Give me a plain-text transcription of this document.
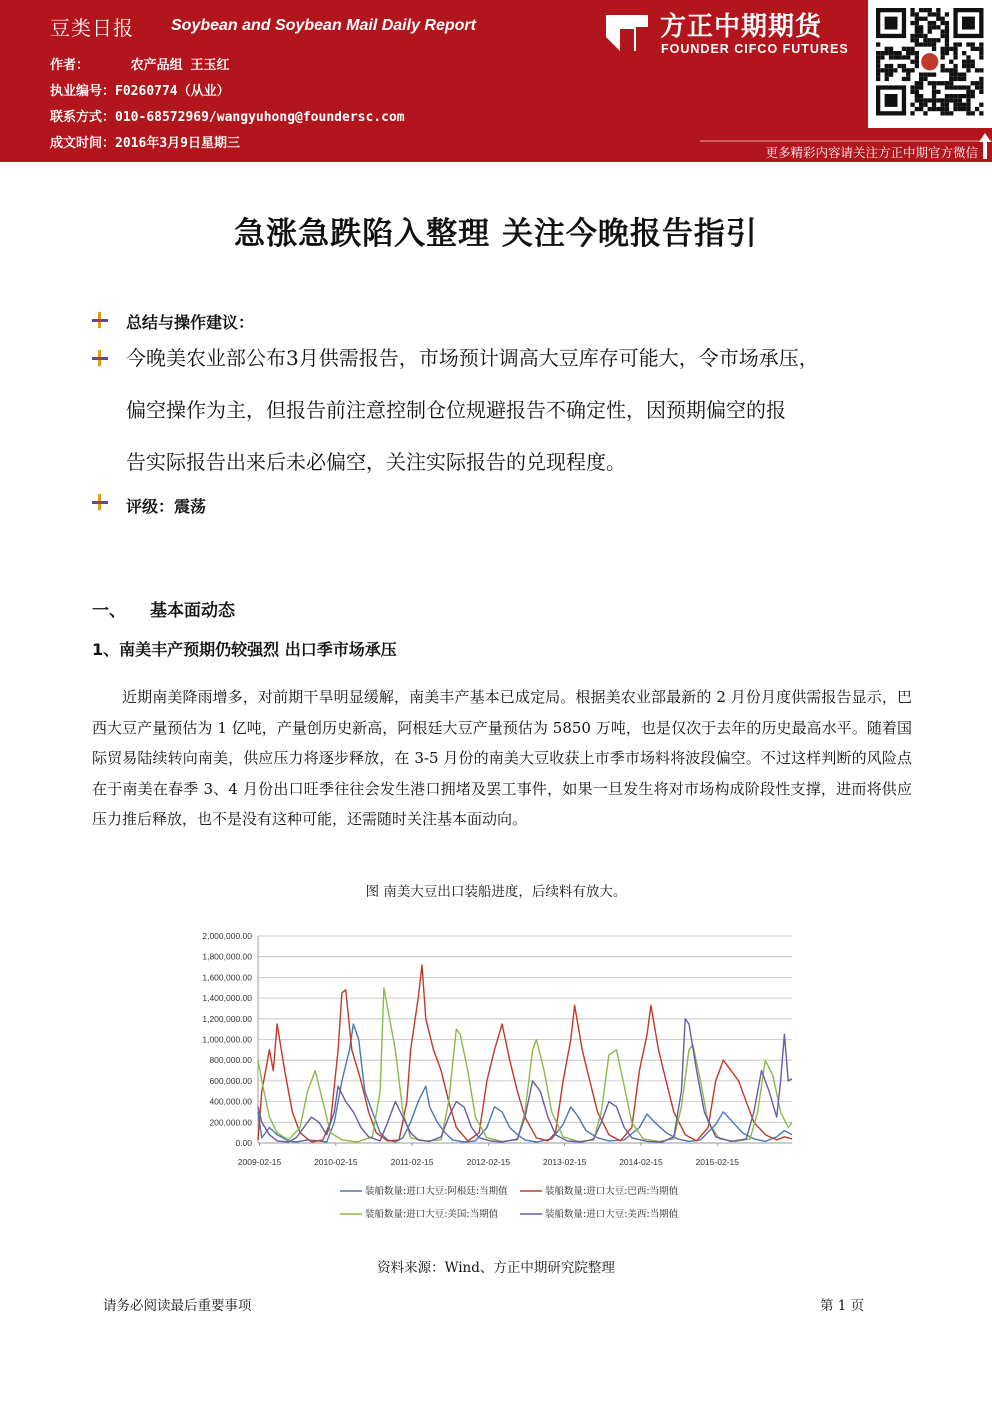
豆类日报 Soybean and Soybean Mail Daily Report
作者：	农产品组 王玉红
执业编号：F0260774（从业）
联系方式：010-68572969/wangyuhong@foundersc.com
成文时间：2016年3月9日星期三
方正中期期货
FOUNDER CIFCO FUTURES
更多精彩内容请关注方正中期官方微信
急涨急跌陷入整理 关注今晚报告指引
总结与操作建议：
今晚美农业部公布3月供需报告，市场预计调高大豆库存可能大，令市场承压，
偏空操作为主，但报告前注意控制仓位规避报告不确定性，因预期偏空的报
告实际报告出来后未必偏空，关注实际报告的兑现程度。
评级：震荡
一、 基本面动态
1、南美丰产预期仍较强烈 出口季市场承压
近期南美降雨增多，对前期干旱明显缓解，南美丰产基本已成定局。根据美农业部最新的 2 月份月度供需报告显示，巴西大豆产量预估为 1 亿吨，产量创历史新高，阿根廷大豆产量预估为 5850 万吨，也是仅次于去年的历史最高水平。随着国际贸易陆续转向南美，供应压力将逐步释放，在 3-5 月份的南美大豆收获上市季市场料将波段偏空。不过这样判断的风险点在于南美在春季 3、4 月份出口旺季往往会发生港口拥堵及罢工事件，如果一旦发生将对市场构成阶段性支撑，进而将供应压力推后释放，也不是没有这种可能，还需随时关注基本面动向。
图 南美大豆出口装船进度，后续料有放大。
2,000,000.00
1,800,000.00
1,600,000.00
1,400,000.00
1,200,000.00
1,000,000.00
800,000.00
600,000.00
400,000.00
200,000.00
0.00
2009-02-15	2010-02-15	2011-02-15	2012-02-15	2013-02-15	2014-02-15	2015-02-15
装船数量:进口大豆:阿根廷:当期值	装船数量:进口大豆:巴西:当期值
装船数量:进口大豆:美国:当期值	装船数量:进口大豆:美西:当期值
资料来源：Wind、方正中期研究院整理
请务必阅读最后重要事项	第 1 页
